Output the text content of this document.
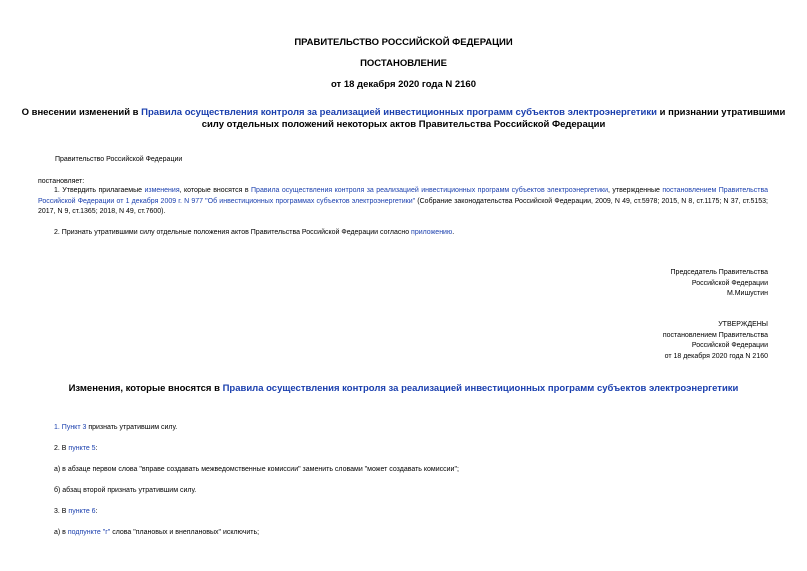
ПРАВИТЕЛЬСТВО РОССИЙСКОЙ ФЕДЕРАЦИИ
ПОСТАНОВЛЕНИЕ
от 18 декабря 2020 года N 2160
О внесении изменений в Правила осуществления контроля за реализацией инвестиционных программ субъектов электроэнергетики и признании утратившими
силу отдельных положений некоторых актов Правительства Российской Федерации
Правительство Российской Федерации
постановляет:
1. Утвердить прилагаемые изменения, которые вносятся в Правила осуществления контроля за реализацией инвестиционных программ субъектов электроэнергетики, утвержденные постановлением Правительства Российской Федерации от 1 декабря 2009 г. N 977 "Об инвестиционных программах субъектов электроэнергетики" (Собрание законодательства Российской Федерации, 2009, N 49, ст.5978; 2015, N 8, ст.1175; N 37, ст.5153; 2017, N 9, ст.1365; 2018, N 49, ст.7600).
2. Признать утратившими силу отдельные положения актов Правительства Российской Федерации согласно приложению.
Председатель Правительства
Российской Федерации
М.Мишустин
УТВЕРЖДЕНЫ
постановлением Правительства
Российской Федерации
от 18 декабря 2020 года N 2160
Изменения, которые вносятся в Правила осуществления контроля за реализацией инвестиционных программ субъектов электроэнергетики
1. Пункт 3 признать утратившим силу.
2. В пункте 5:
а) в абзаце первом слова "вправе создавать межведомственные комиссии" заменить словами "может создавать комиссии";
б) абзац второй признать утратившим силу.
3. В пункте 6:
а) в подпункте "г" слова "плановых и внеплановых" исключить;
